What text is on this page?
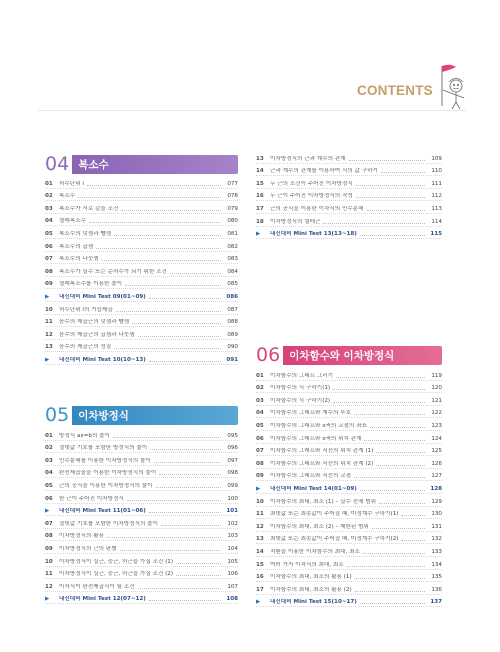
CONTENTS
04 복소수
01	허수단위 i	077
02	복소수	078
03	복소수가 서로 같을 조건	079
04	켤레복소수	080
05	복소수의 덧셈과 뺄셈	081
06	복소수의 곱셈	082
07	복소수의 나눗셈	083
08	복소수가 실수 또는 순허수가 되기 위한 조건	084
09	켤레복소수를 이용한 풀이	085
▶	내신대비 Mini Test 09(01~09)	086
10	허수단위 i의 거듭제곱	087
11	음수의 제곱근의 덧셈과 뺄셈	088
12	음수의 제곱근의 곱셈과 나눗셈	089
13	음수의 제곱근의 성질	090
▶	내신대비 Mini Test 10(10~13)	091
05 이차방정식
01	방정식 ax=b의 풀이	095
02	절댓값 기호를 포함한 방정식의 풀이	096
03	인수분해를 이용한 이차방정식의 풀이	097
04	완전제곱꼴을 이용한 이차방정식의 풀이	098
05	근의 공식을 이용한 이차방정식의 풀이	099
06	한 근이 주어진 이차방정식	100
▶	내신대비 Mini Test 11(01~06)	101
07	절댓값 기호를 포함한 이차방정식의 풀이	102
08	이차방정식의 활용	103
09	이차방정식의 근의 판별	104
10	이차방정식이 실근, 중근, 허근을 가질 조건 (1)	105
11	이차방정식이 실근, 중근, 허근을 가질 조건 (2)	106
12	이차식이 완전제곱식이 될 조건	107
▶	내신대비 Mini Test 12(07~12)	108
13	이차방정식의 근과 계수의 관계	109
14	근과 계수의 관계를 이용하여 식의 값 구하기	110
15	두 근의 조건이 주어진 이차방정식	111
16	두 근이 주어진 이차방정식의 작성	112
17	근의 공식을 이용한 이차식의 인수분해	113
18	이차방정식의 켤레근	114
▶	내신대비 Mini Test 13(13~18)	115
06 이차함수와 이차방정식
01	이차함수의 그래프 그리기	119
02	이차함수의 식 구하기(1)	120
03	이차함수의 식 구하기(2)	121
04	이차함수의 그래프와 계수의 부호	122
05	이차함수의 그래프와 x축의 교점의 좌표	123
06	이차함수의 그래프와 x축의 위치 관계	124
07	이차함수의 그래프와 직선의 위치 관계 (1)	125
08	이차함수의 그래프와 직선의 위치 관계 (2)	126
09	이차함수의 그래프와 직선의 교점	127
▶	내신대비 Mini Test 14(01~09)	128
10	이차함수의 최대, 최소 (1) – 실수 전체 범위	129
11	최댓값 또는 최솟값이 주어질 때, 미정계수 구하기(1)	130
12	이차함수의 최대, 최소 (2) – 제한된 범위	131
13	최댓값 또는 최솟값이 주어질 때, 미정계수 구하기(2)	132
14	치환을 이용한 이차함수의 최대, 최소	133
15	여러 가지 이차식의 최대, 최소	134
16	이차함수의 최대, 최소의 활용 (1)	135
17	이차함수의 최대, 최소의 활용 (2)	136
▶	내신대비 Mini Test 15(10~17)	137
